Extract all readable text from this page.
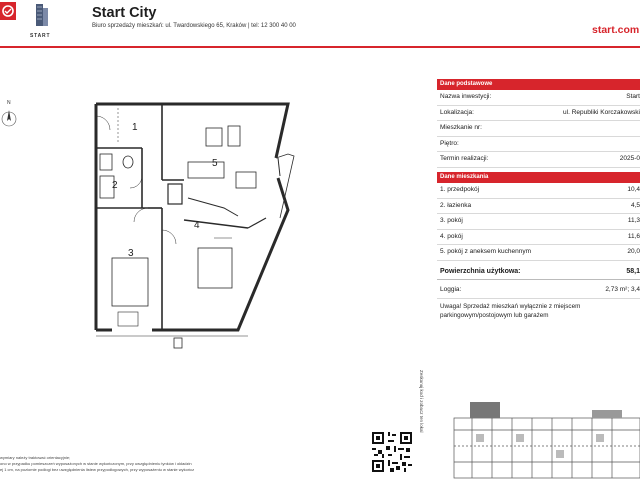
START
Start City
Biuro sprzedaży mieszkań: ul. Twardowskiego 65, Kraków | tel: 12 300 40 00	start.com
N
1
2
3
4
5
Dane podstawowe
Nazwa inwestycji:	Start
Lokalizacja:	ul. Republiki Korczakowski
Mieszkanie nr:
Piętro:
Termin realizacji:	2025-0
Dane mieszkania
1. przedpokój	10,4
2. łazienka	4,5
3. pokój	11,3
4. pokój	11,6
5. pokój z aneksem kuchennym	20,0
Powierzchnia użytkowa:	58,1
Loggia:	2,73 m²; 3,4
Uwaga! Sprzedaż mieszkań wyłącznie z miejscem parkingowym/postojowym lub garażem
Zeskanuj kod i zobacz ten lokal
wymiary należy traktować orientacyjnie;
ono w przypadku pomieszczeń wyposażonych w stanie wykończonym, przy uwzględnieniu tynków i okładzin
ej 1 cm, na poziomie podłogi bez uwzględnienia listew przypodłogowych, przy wyposażeniu w stanie wykończ
